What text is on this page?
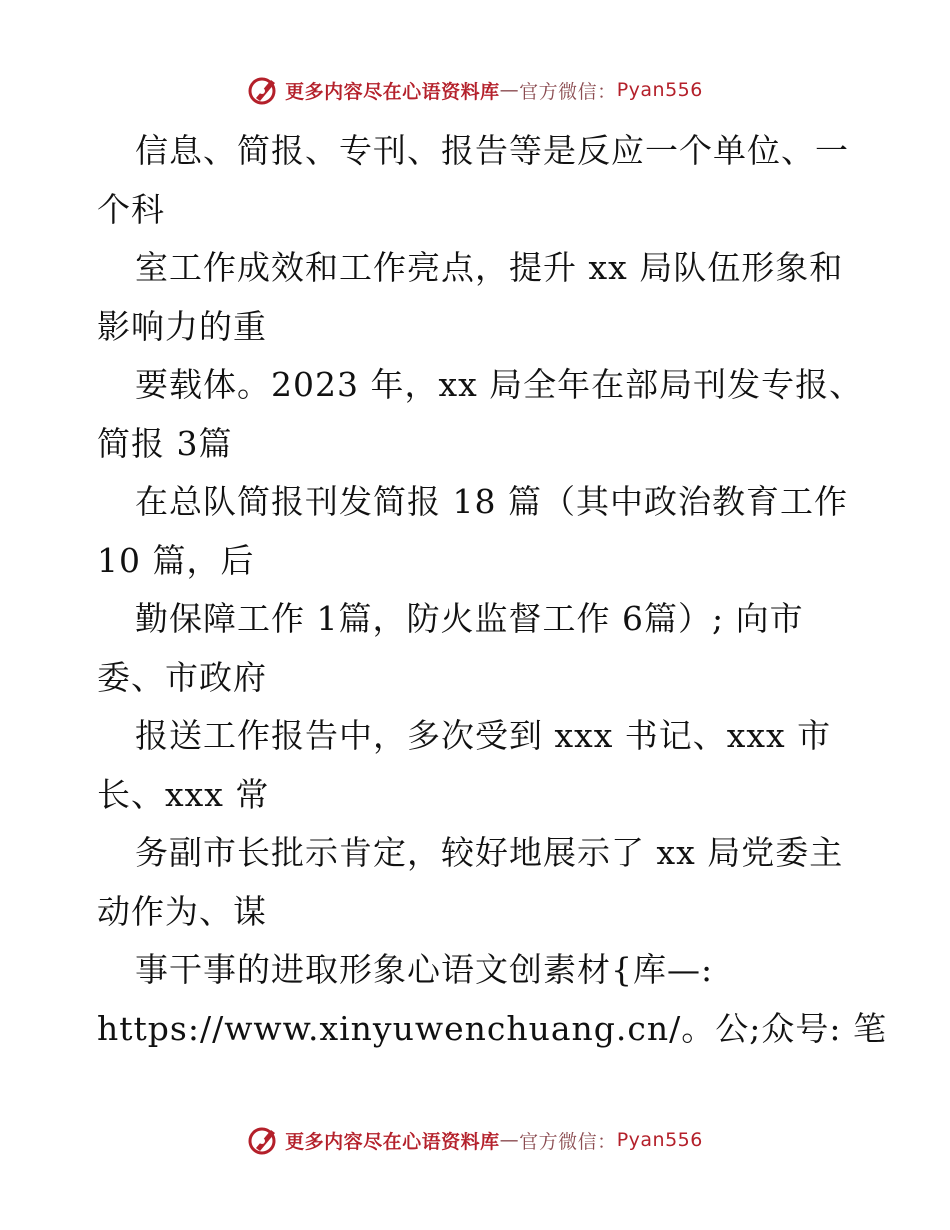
更多内容尽在心语资料库 — 官方微信： Pyan556
信息、简报、专刊、报告等是反应一个单位、一
个科
室工作成效和工作亮点，提升 xx 局队伍形象和
影响力的重
要载体。2023 年，xx 局全年在部局刊发专报、
简报 3篇
在总队简报刊发简报 18 篇（其中政治教育工作
10 篇，后
勤保障工作 1篇，防火监督工作 6篇）; 向市
委、市政府
报送工作报告中，多次受到 xxx 书记、xxx 市
长、xxx 常
务副市长批示肯定，较好地展示了 xx 局党委主
动作为、谋
事干事的进取形象心语文创素材{库—:
https://www.xinyuwenchuang.cn/。公;众号: 笔
更多内容尽在心语资料库 — 官方微信： Pyan556
